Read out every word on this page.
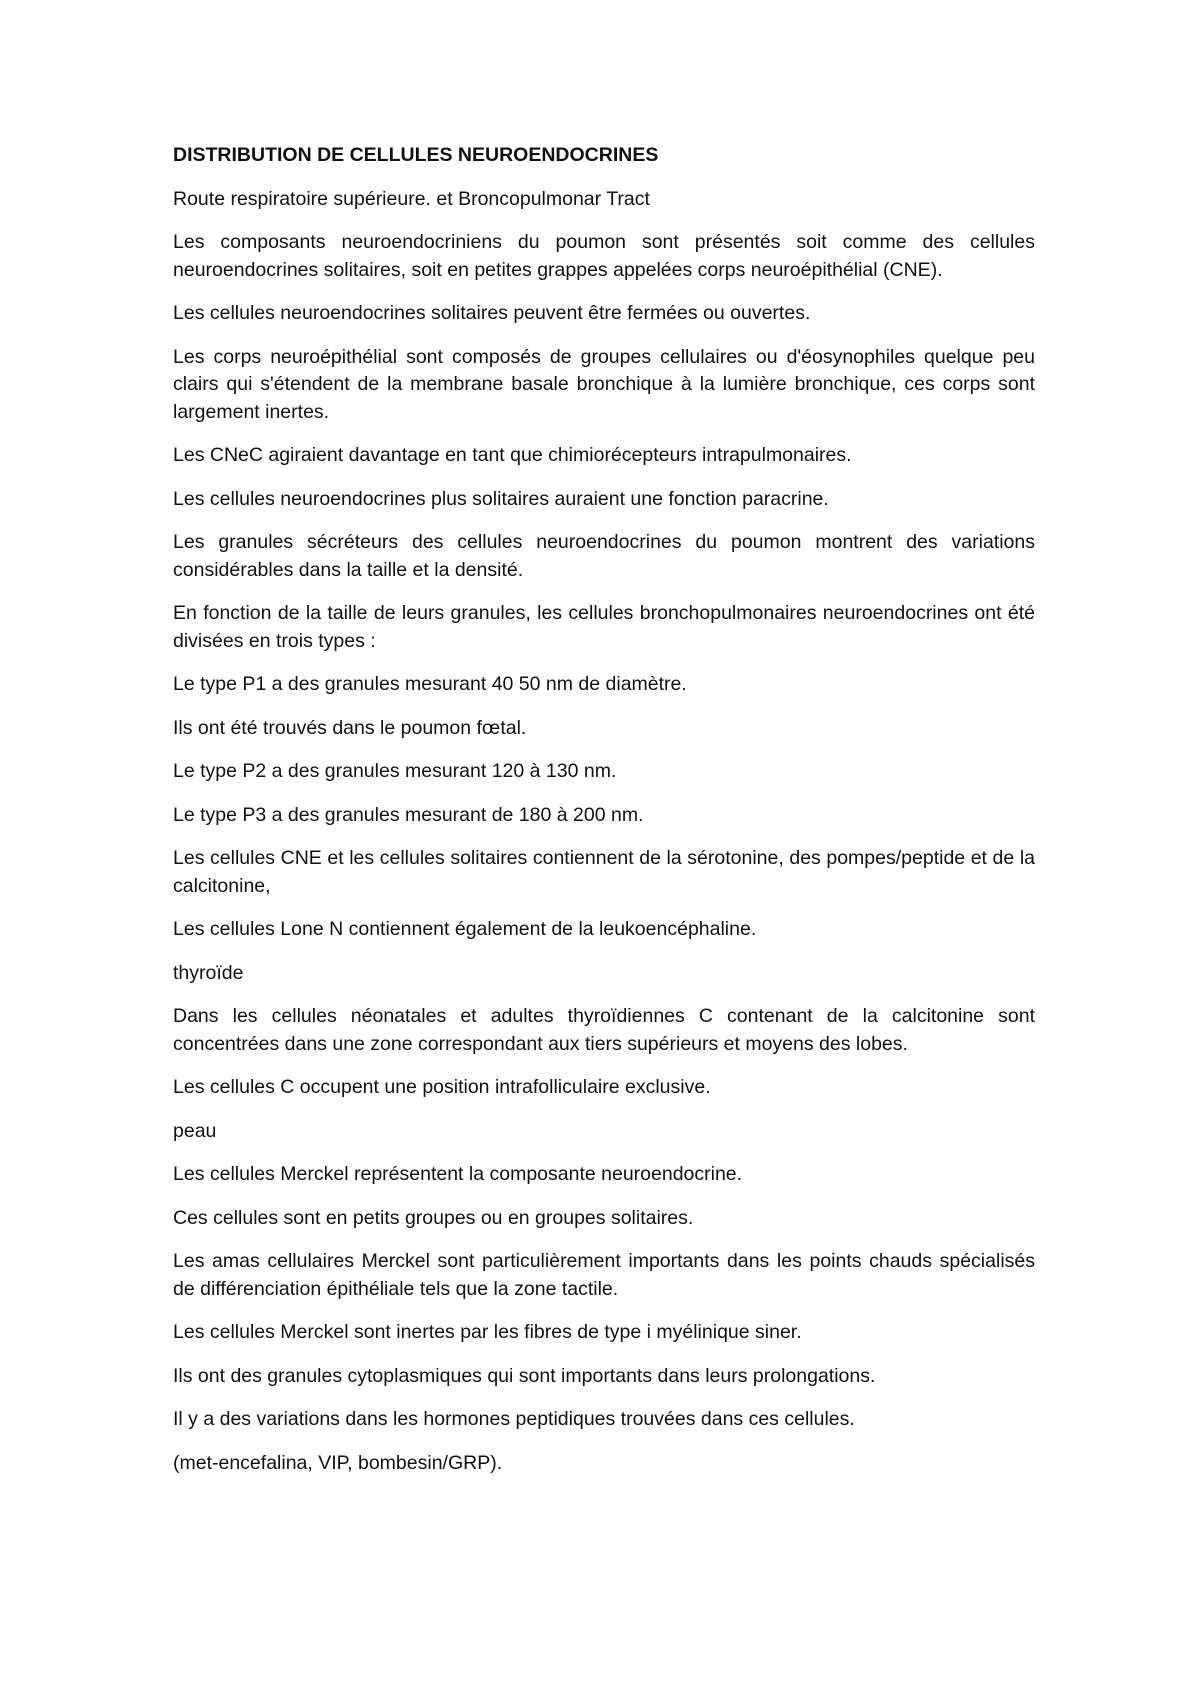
DISTRIBUTION DE CELLULES NEUROENDOCRINES

Route respiratoire supérieure. et Broncopulmonar Tract

Les composants neuroendocriniens du poumon sont présentés soit comme des cellules neuroendocrines solitaires, soit en petites grappes appelées corps neuroépithélial (CNE).

Les cellules neuroendocrines solitaires peuvent être fermées ou ouvertes.

Les corps neuroépithélial sont composés de groupes cellulaires ou d'éosynophiles quelque peu clairs qui s'étendent de la membrane basale bronchique à la lumière bronchique, ces corps sont largement inertes.

Les CNeC agiraient davantage en tant que chimiorécepteurs intrapulmonaires.

Les cellules neuroendocrines plus solitaires auraient une fonction paracrine.

Les granules sécréteurs des cellules neuroendocrines du poumon montrent des variations considérables dans la taille et la densité.

En fonction de la taille de leurs granules, les cellules bronchopulmonaires neuroendocrines ont été divisées en trois types :

Le type P1 a des granules mesurant 40 50 nm de diamètre.

Ils ont été trouvés dans le poumon fœtal.

Le type P2 a des granules mesurant 120 à 130 nm.

Le type P3 a des granules mesurant de 180 à 200 nm.

Les cellules CNE et les cellules solitaires contiennent de la sérotonine, des pompes/peptide et de la calcitonine,

Les cellules Lone N contiennent également de la leukoencéphaline.

thyroïde

Dans les cellules néonatales et adultes thyroïdiennes C contenant de la calcitonine sont concentrées dans une zone correspondant aux tiers supérieurs et moyens des lobes.

Les cellules C occupent une position intrafolliculaire exclusive.

peau

Les cellules Merckel représentent la composante neuroendocrine.

Ces cellules sont en petits groupes ou en groupes solitaires.

Les amas cellulaires Merckel sont particulièrement importants dans les points chauds spécialisés de différenciation épithéliale tels que la zone tactile.

Les cellules Merckel sont inertes par les fibres de type i myélinique siner.

Ils ont des granules cytoplasmiques qui sont importants dans leurs prolongations.

Il y a des variations dans les hormones peptidiques trouvées dans ces cellules.

(met-encefalina, VIP, bombesin/GRP).
